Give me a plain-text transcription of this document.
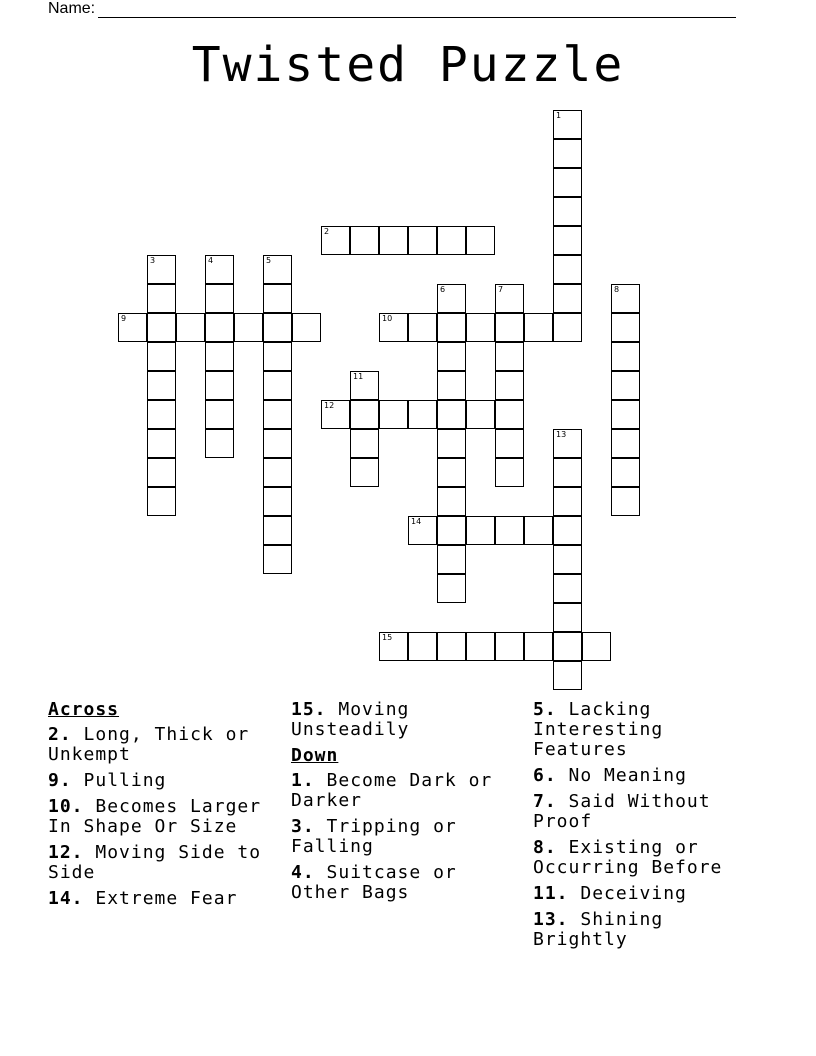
Name:
Twisted Puzzle
2
9	10
12
14
15
1
3	4	5
6	7	8
11
13
Across
2. Long, Thick or Unkempt
9. Pulling
10. Becomes Larger In Shape Or Size
12. Moving Side to Side
14. Extreme Fear
15. Moving Unsteadily
Down
1. Become Dark or Darker
3. Tripping or Falling
4. Suitcase or Other Bags
5. Lacking Interesting Features
6. No Meaning
7. Said Without Proof
8. Existing or Occurring Before
11. Deceiving
13. Shining Brightly
